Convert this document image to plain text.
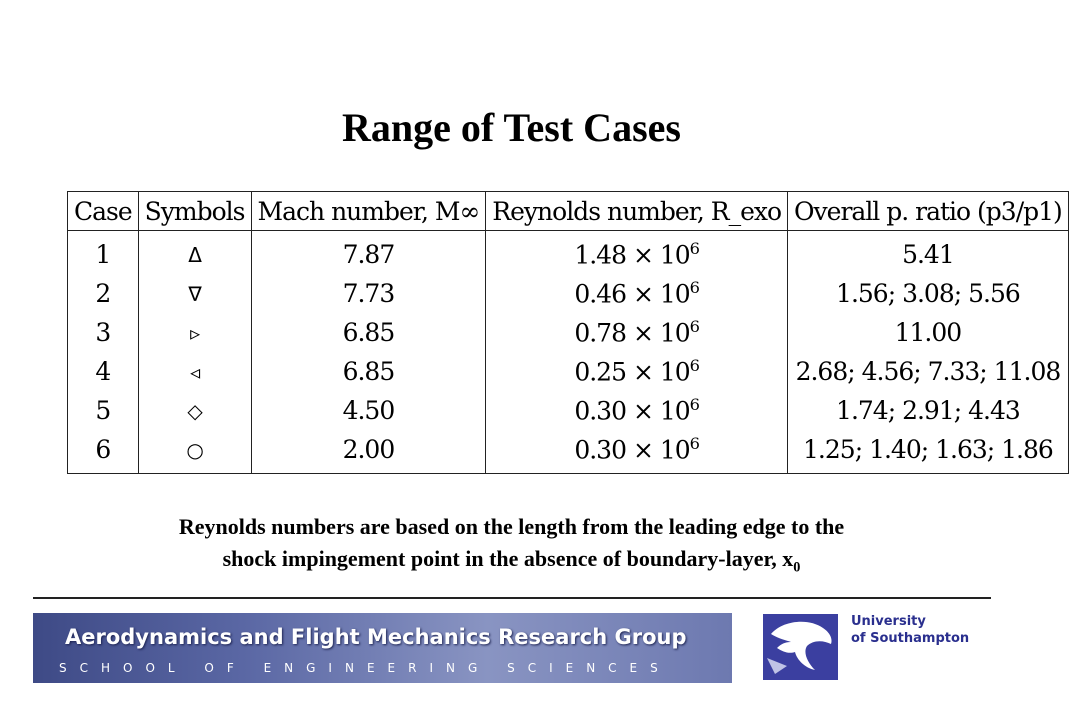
Range of Test Cases
Case	Symbols	Mach number, M∞	Reynolds number, R_exo	Overall p. ratio (p3/p1)
1	Δ	7.87	$1.48 \times 10^6$	5.41
2	∇	7.73	$0.46 \times 10^6$	1.56; 3.08; 5.56
3	▹	6.85	$0.78 \times 10^6$	11.00
4	◃	6.85	$0.25 \times 10^6$	2.68; 4.56; 7.33; 11.08
5	◇	4.50	$0.30 \times 10^6$	1.74; 2.91; 4.43
6	○	2.00	$0.30 \times 10^6$	1.25; 1.40; 1.63; 1.86
Reynolds numbers are based on the length from the leading edge to the
shock impingement point in the absence of boundary-layer, $x_0$
Aerodynamics and Flight Mechanics Research Group
SCHOOL OF ENGINEERING SCIENCES
University
of Southampton
